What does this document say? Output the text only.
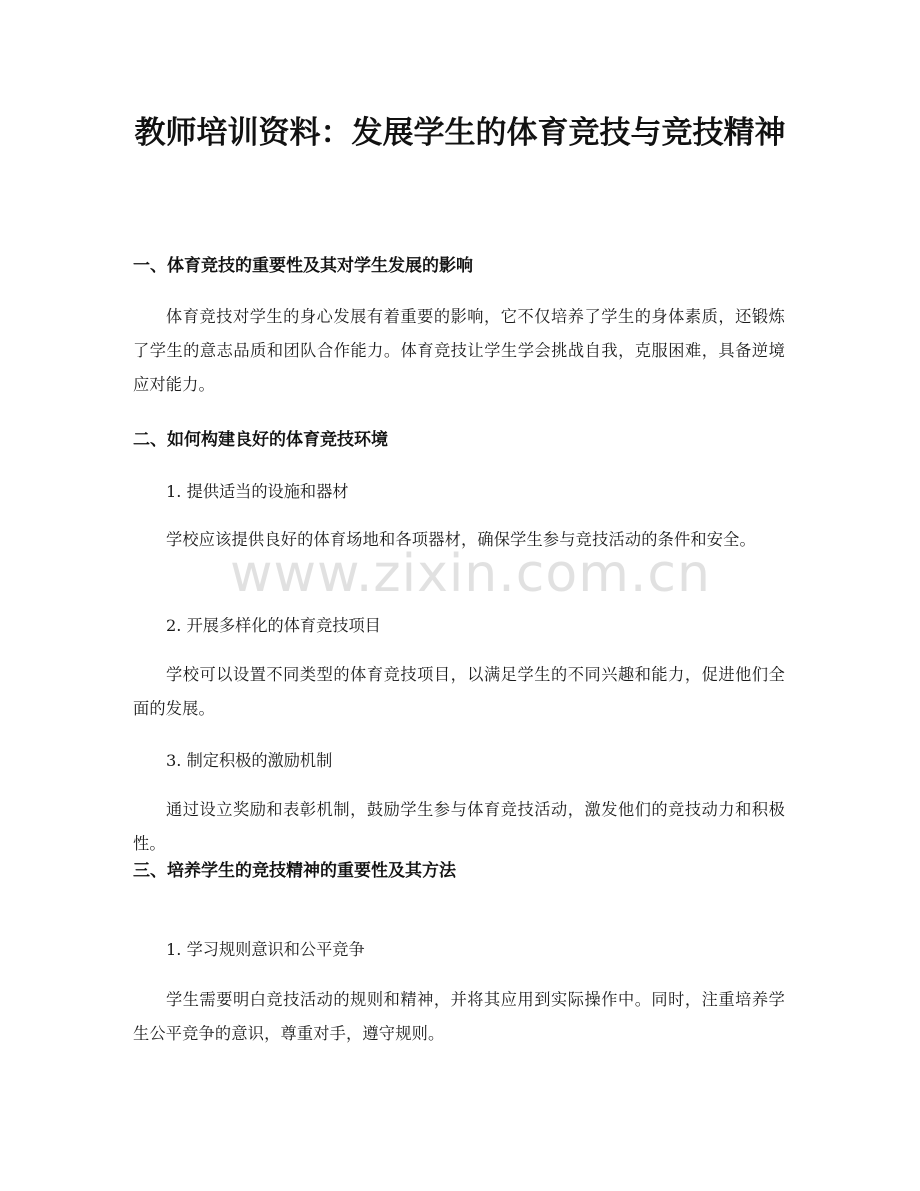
教师培训资料：发展学生的体育竞技与竞技精神
一、体育竞技的重要性及其对学生发展的影响

体育竞技对学生的身心发展有着重要的影响，它不仅培养了学生的身体素质，还锻炼了学生的意志品质和团队合作能力。体育竞技让学生学会挑战自我，克服困难，具备逆境应对能力。

二、如何构建良好的体育竞技环境

1. 提供适当的设施和器材

学校应该提供良好的体育场地和各项器材，确保学生参与竞技活动的条件和安全。

2. 开展多样化的体育竞技项目

学校可以设置不同类型的体育竞技项目，以满足学生的不同兴趣和能力，促进他们全面的发展。

3. 制定积极的激励机制

通过设立奖励和表彰机制，鼓励学生参与体育竞技活动，激发他们的竞技动力和积极性。

三、培养学生的竞技精神的重要性及其方法

1. 学习规则意识和公平竞争

学生需要明白竞技活动的规则和精神，并将其应用到实际操作中。同时，注重培养学生公平竞争的意识，尊重对手，遵守规则。

www.zixin.com.cn
